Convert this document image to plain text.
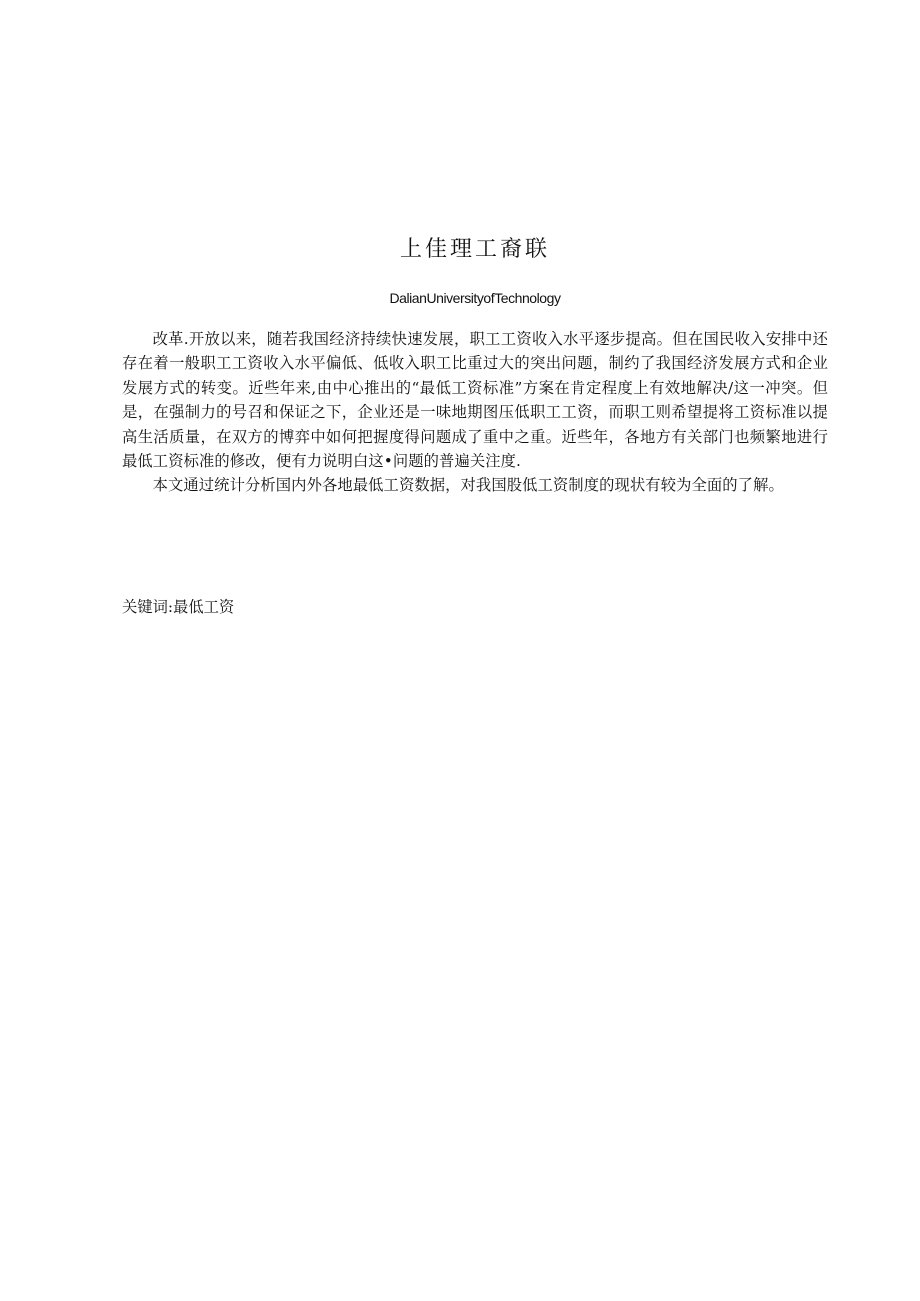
上佳理工裔联
DalianUniversityofTechnology

改革.开放以来，随若我国经济持续快速发展，职工工资收入水平逐步提高。但在国民收入安排中还存在着一般职工工资收入水平偏低、低收入职工比重过大的突出问题，制约了我国经济发展方式和企业发展方式的转变。近些年来,由中心推出的“最低工资标准”方案在肯定程度上有效地解决/这一冲突。但是，在强制力的号召和保证之下，企业还是一味地期图压低职工工资，而职工则希望提将工资标准以提高生活质量，在双方的博弈中如何把握度得问题成了重中之重。近些年，各地方有关部门也频繁地进行最低工资标准的修改，便有力说明白这•问题的普遍关注度.

本文通过统计分析国内外各地最低工资数据，对我国股低工资制度的现状有较为全面的了解。

关键词:最低工资
